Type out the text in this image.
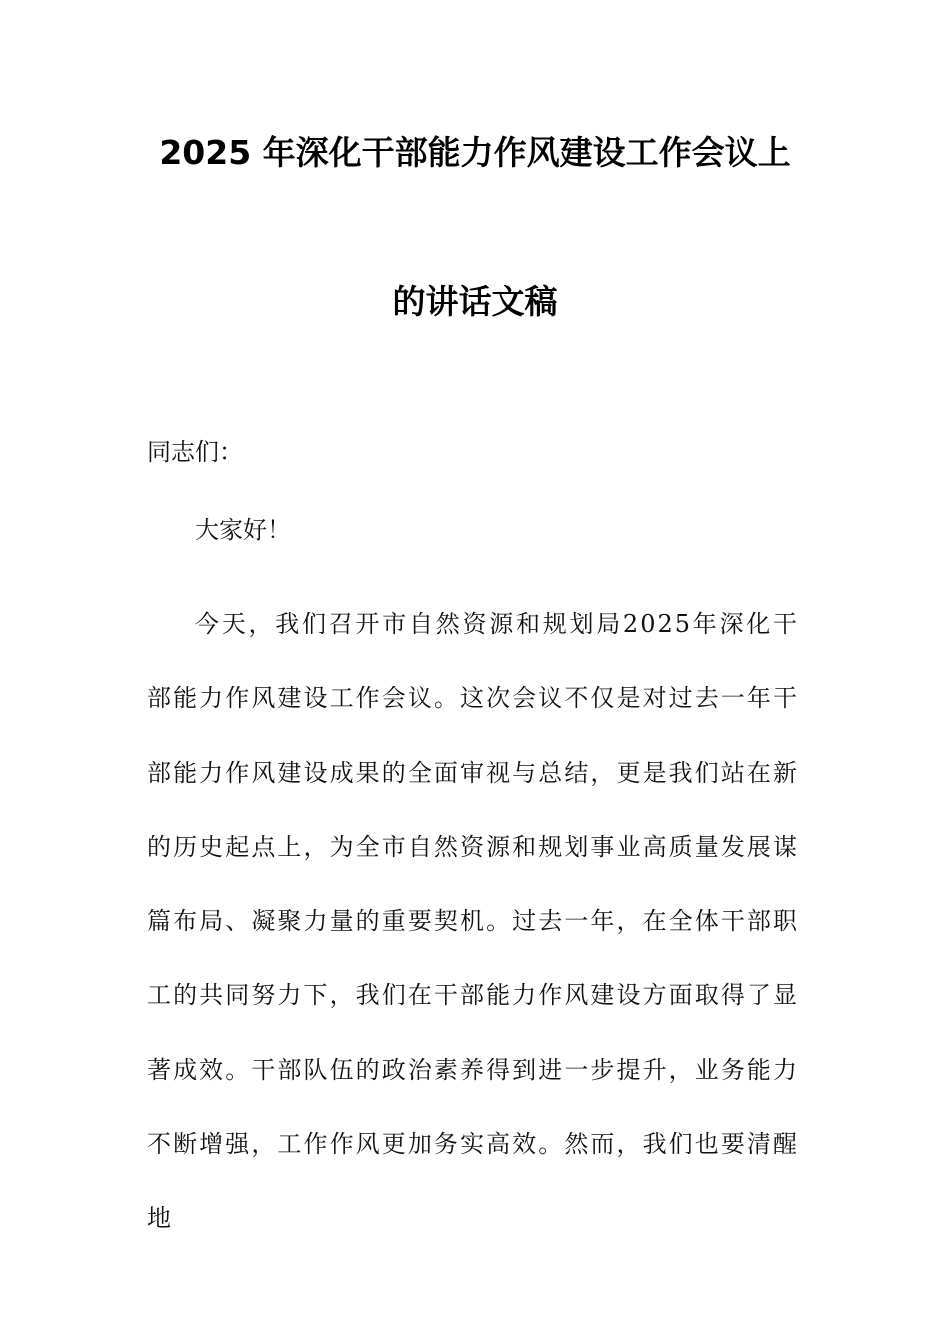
2025 年深化干部能力作风建设工作会议上
的讲话文稿
同志们：
大家好！
今天，我们召开市自然资源和规划局2025年深化干部能力作风建设工作会议。这次会议不仅是对过去一年干部能力作风建设成果的全面审视与总结，更是我们站在新的历史起点上，为全市自然资源和规划事业高质量发展谋篇布局、凝聚力量的重要契机。过去一年，在全体干部职工的共同努力下，我们在干部能力作风建设方面取得了显著成效。干部队伍的政治素养得到进一步提升，业务能力不断增强，工作作风更加务实高效。然而，我们也要清醒地
